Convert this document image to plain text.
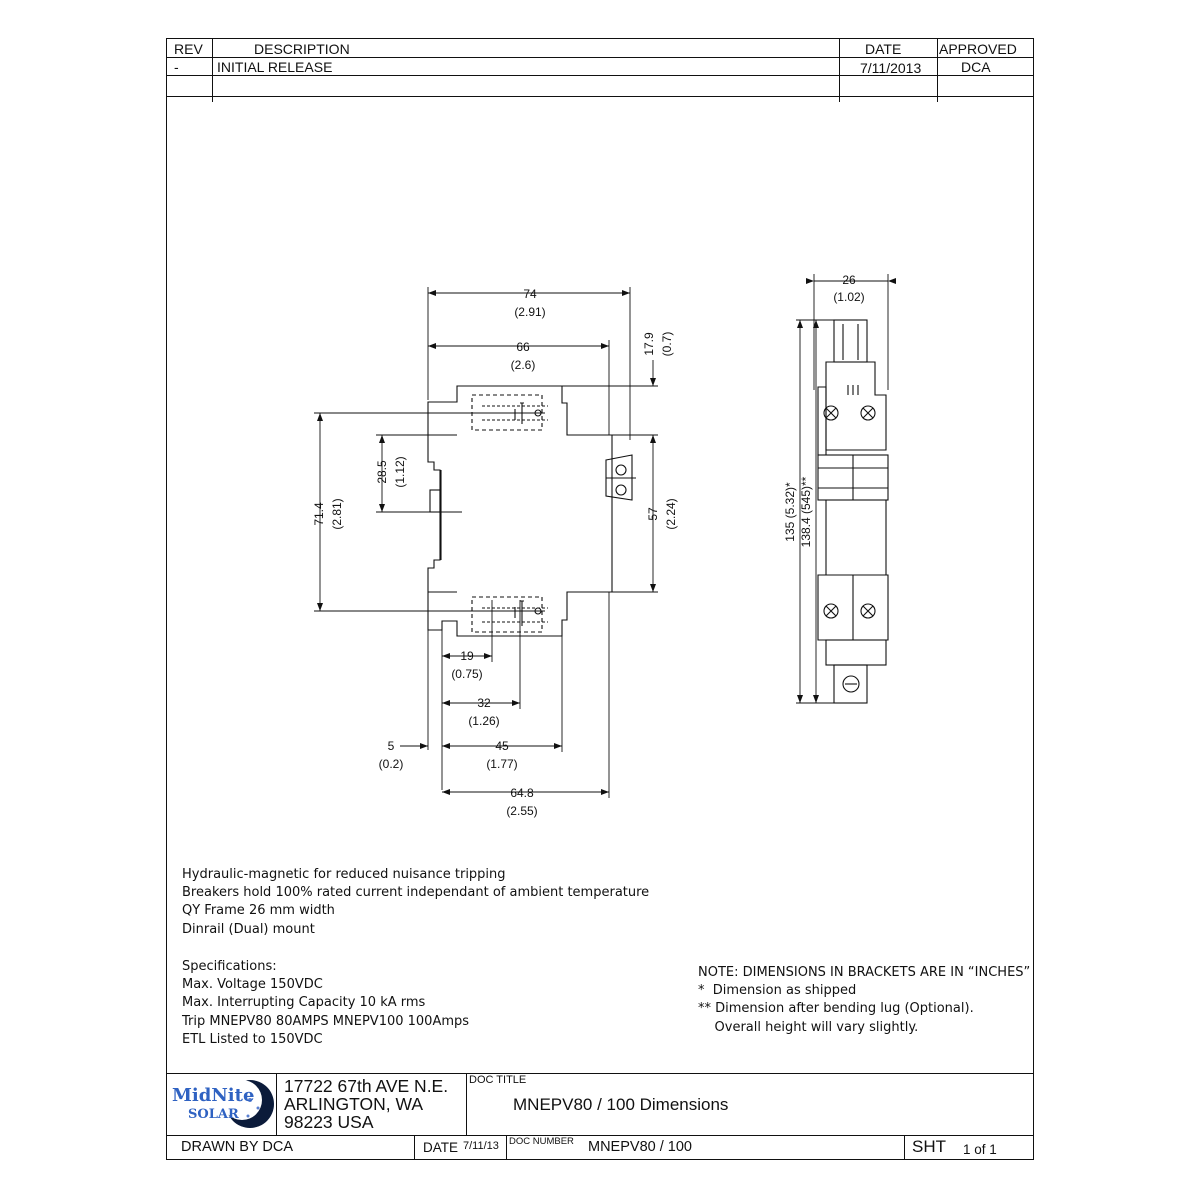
REV	DESCRIPTION	DATE	APPROVED
-	INITIAL RELEASE	7/11/2013	DCA
74
(2.91)
66
(2.6)
17.9 (0.7)
28.5 (1.12)
71.4 (2.81)	57 (2.24)
19
(0.75)
32
(1.26)
5
(0.2)
45
(1.77)
64.8
(2.55)
26
(1.02)
135 (5.32)* 138.4 (545)**
Hydraulic-magnetic for reduced nuisance tripping
Breakers hold 100% rated current independant of ambient temperature
QY Frame 26 mm width
Dinrail (Dual) mount
Specifications:
Max. Voltage 150VDC
Max. Interrupting Capacity 10 kA rms
Trip MNEPV80 80AMPS MNEPV100 100Amps
ETL Listed to 150VDC
NOTE: DIMENSIONS IN BRACKETS ARE IN “INCHES”
*  Dimension as shipped
** Dimension after bending lug (Optional).
Overall height will vary slightly.
MidNite
SOLAR
17722 67th AVE N.E.
ARLINGTON, WA
98223 USA
DOC TITLE
MNEPV80 / 100 Dimensions
DRAWN BY DCA	DATE 7/11/13 DOC NUMBER MNEPV80 / 100	SHT 1 of 1
